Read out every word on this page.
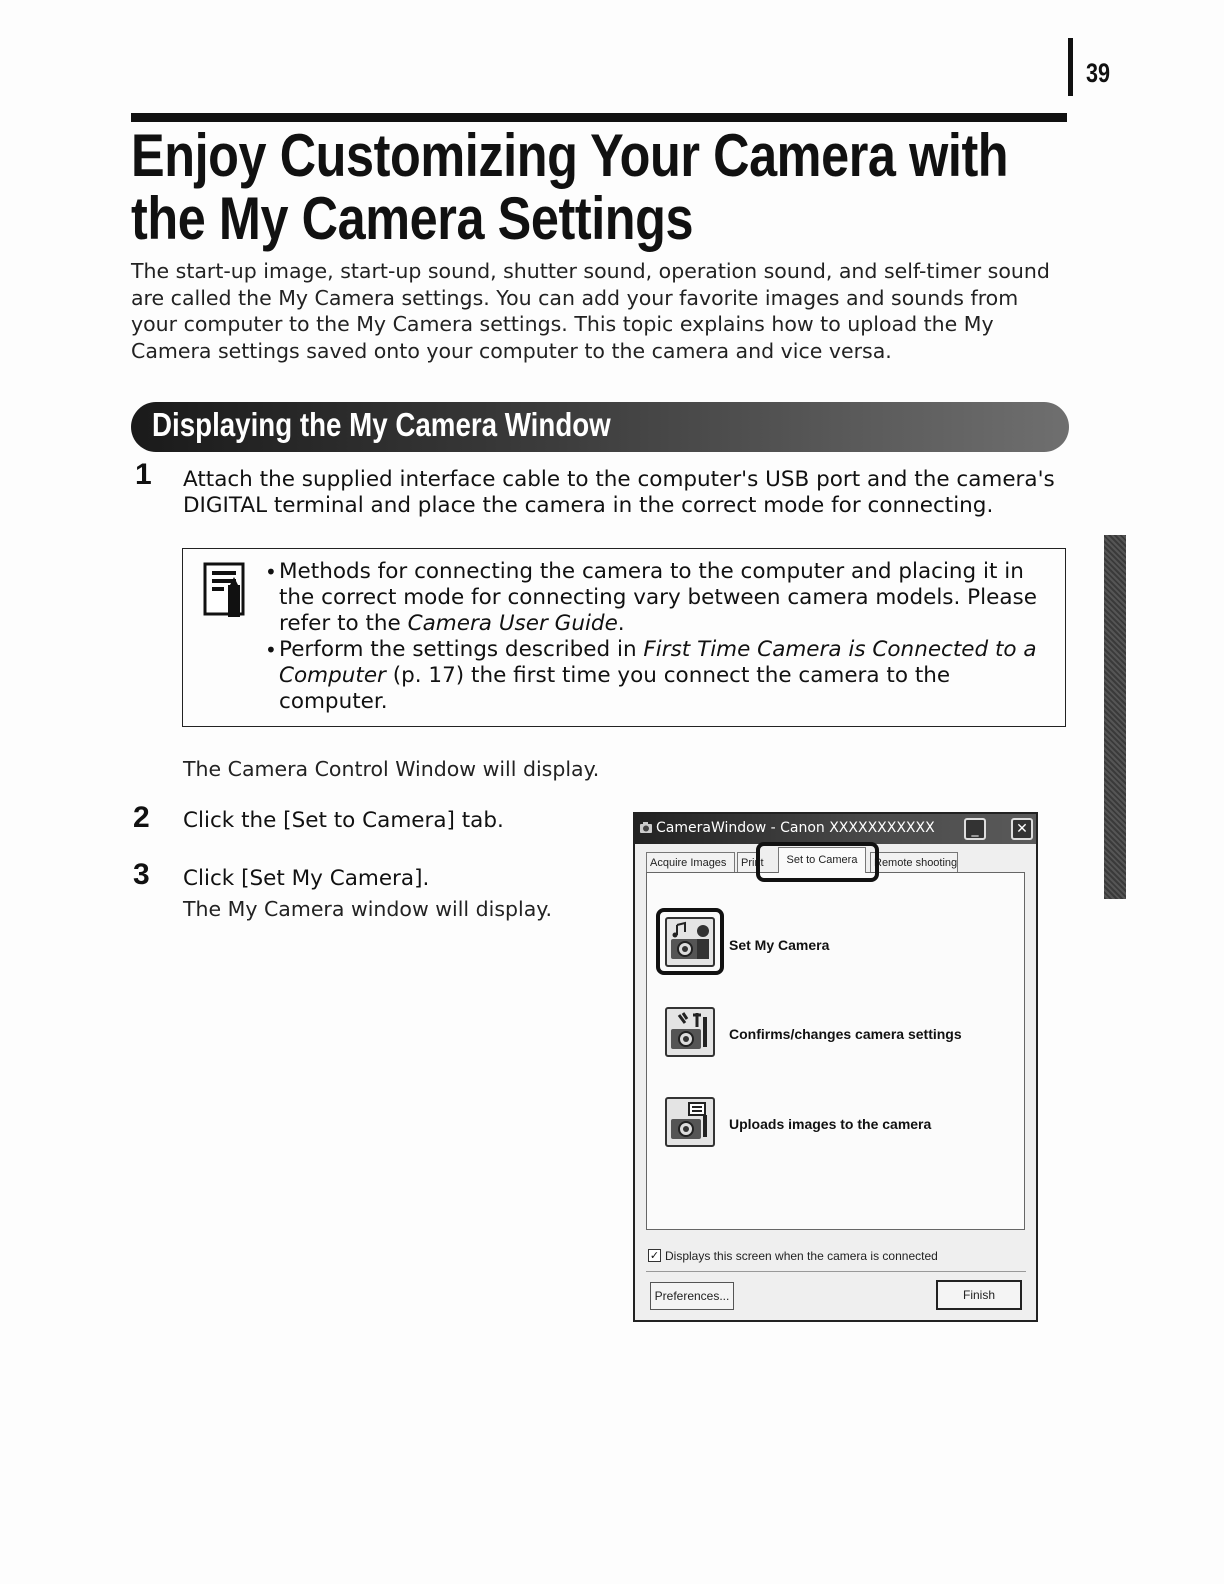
39
Enjoy Customizing Your Camera with the My Camera Settings

The start-up image, start-up sound, shutter sound, operation sound, and self-timer sound are called the My Camera settings. You can add your favorite images and sounds from your computer to the My Camera settings. This topic explains how to upload the My Camera settings saved onto your computer to the camera and vice versa.

Displaying the My Camera Window
1 Attach the supplied interface cable to the computer's USB port and the camera's DIGITAL terminal and place the camera in the correct mode for connecting.
• Methods for connecting the camera to the computer and placing it in the correct mode for connecting vary between camera models. Please refer to the Camera User Guide.
• Perform the settings described in First Time Camera is Connected to a Computer (p. 17) the first time you connect the camera to the computer.
The Camera Control Window will display.
2 Click the [Set to Camera] tab.
3 Click [Set My Camera].
The My Camera window will display.
CameraWindow - Canon XXXXXXXXXXX	_	✕
Acquire Images	Print	Remote shooting
Set to Camera
Set My Camera
Confirms/changes camera settings
Uploads images to the camera
✓ Displays this screen when the camera is connected
Preferences...	Finish
